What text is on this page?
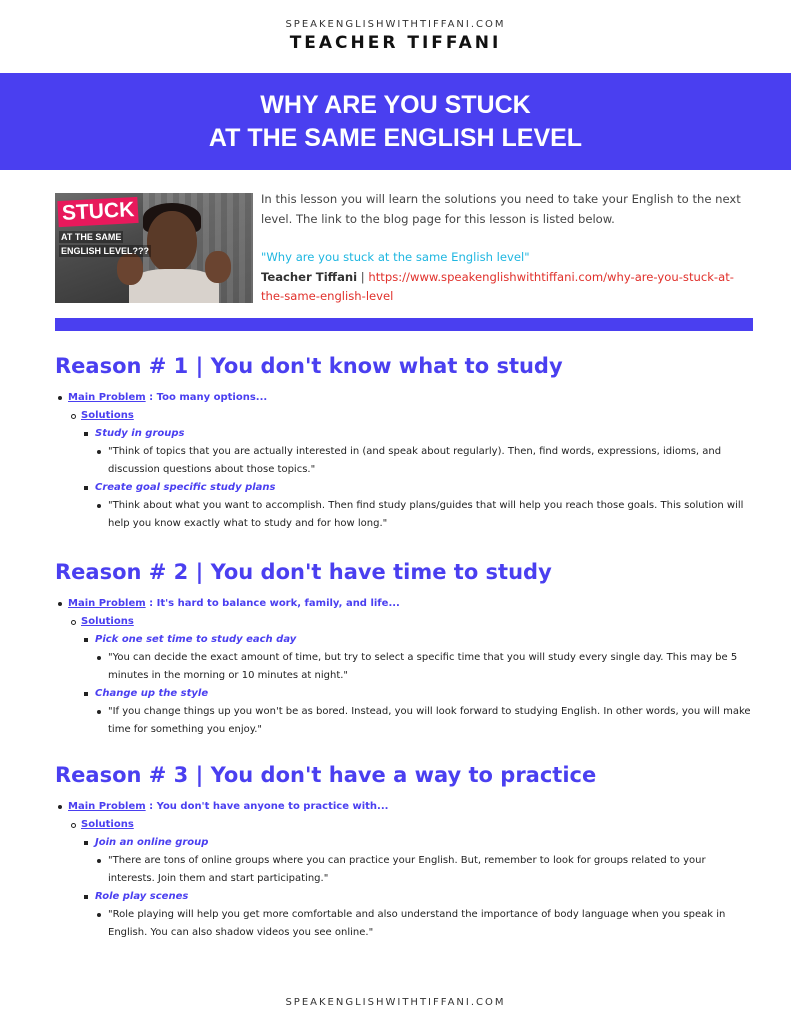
SPEAKENGLISHWITHTIFFANI.COM
TEACHER TIFFANI
WHY ARE YOU STUCK
AT THE SAME ENGLISH LEVEL
STUCK
AT THE SAME
ENGLISH LEVEL???
In this lesson you will learn the solutions you need to take your English to the next level. The link to the blog page for this lesson is listed below.
"Why are you stuck at the same English level"
Teacher Tiffani | https://www.speakenglishwithtiffani.com/why-are-you-stuck-at-the-same-english-level
Reason # 1 | You don't know what to study
Main Problem : Too many options...
Solutions
Study in groups
"Think of topics that you are actually interested in (and speak about regularly). Then, find words, expressions, idioms, and discussion questions about those topics."
Create goal specific study plans
"Think about what you want to accomplish. Then find study plans/guides that will help you reach those goals. This solution will help you know exactly what to study and for how long."
Reason # 2 | You don't have time to study
Main Problem : It's hard to balance work, family, and life...
Solutions
Pick one set time to study each day
"You can decide the exact amount of time, but try to select a specific time that you will study every single day. This may be 5 minutes in the morning or 10 minutes at night."
Change up the style
"If you change things up you won't be as bored. Instead, you will look forward to studying English. In other words, you will make time for something you enjoy."
Reason # 3 | You don't have a way to practice
Main Problem : You don't have anyone to practice with...
Solutions
Join an online group
"There are tons of online groups where you can practice your English. But, remember to look for groups related to your interests. Join them and start participating."
Role play scenes
"Role playing will help you get more comfortable and also understand the importance of body language when you speak in English. You can also shadow videos you see online."
SPEAKENGLISHWITHTIFFANI.COM
